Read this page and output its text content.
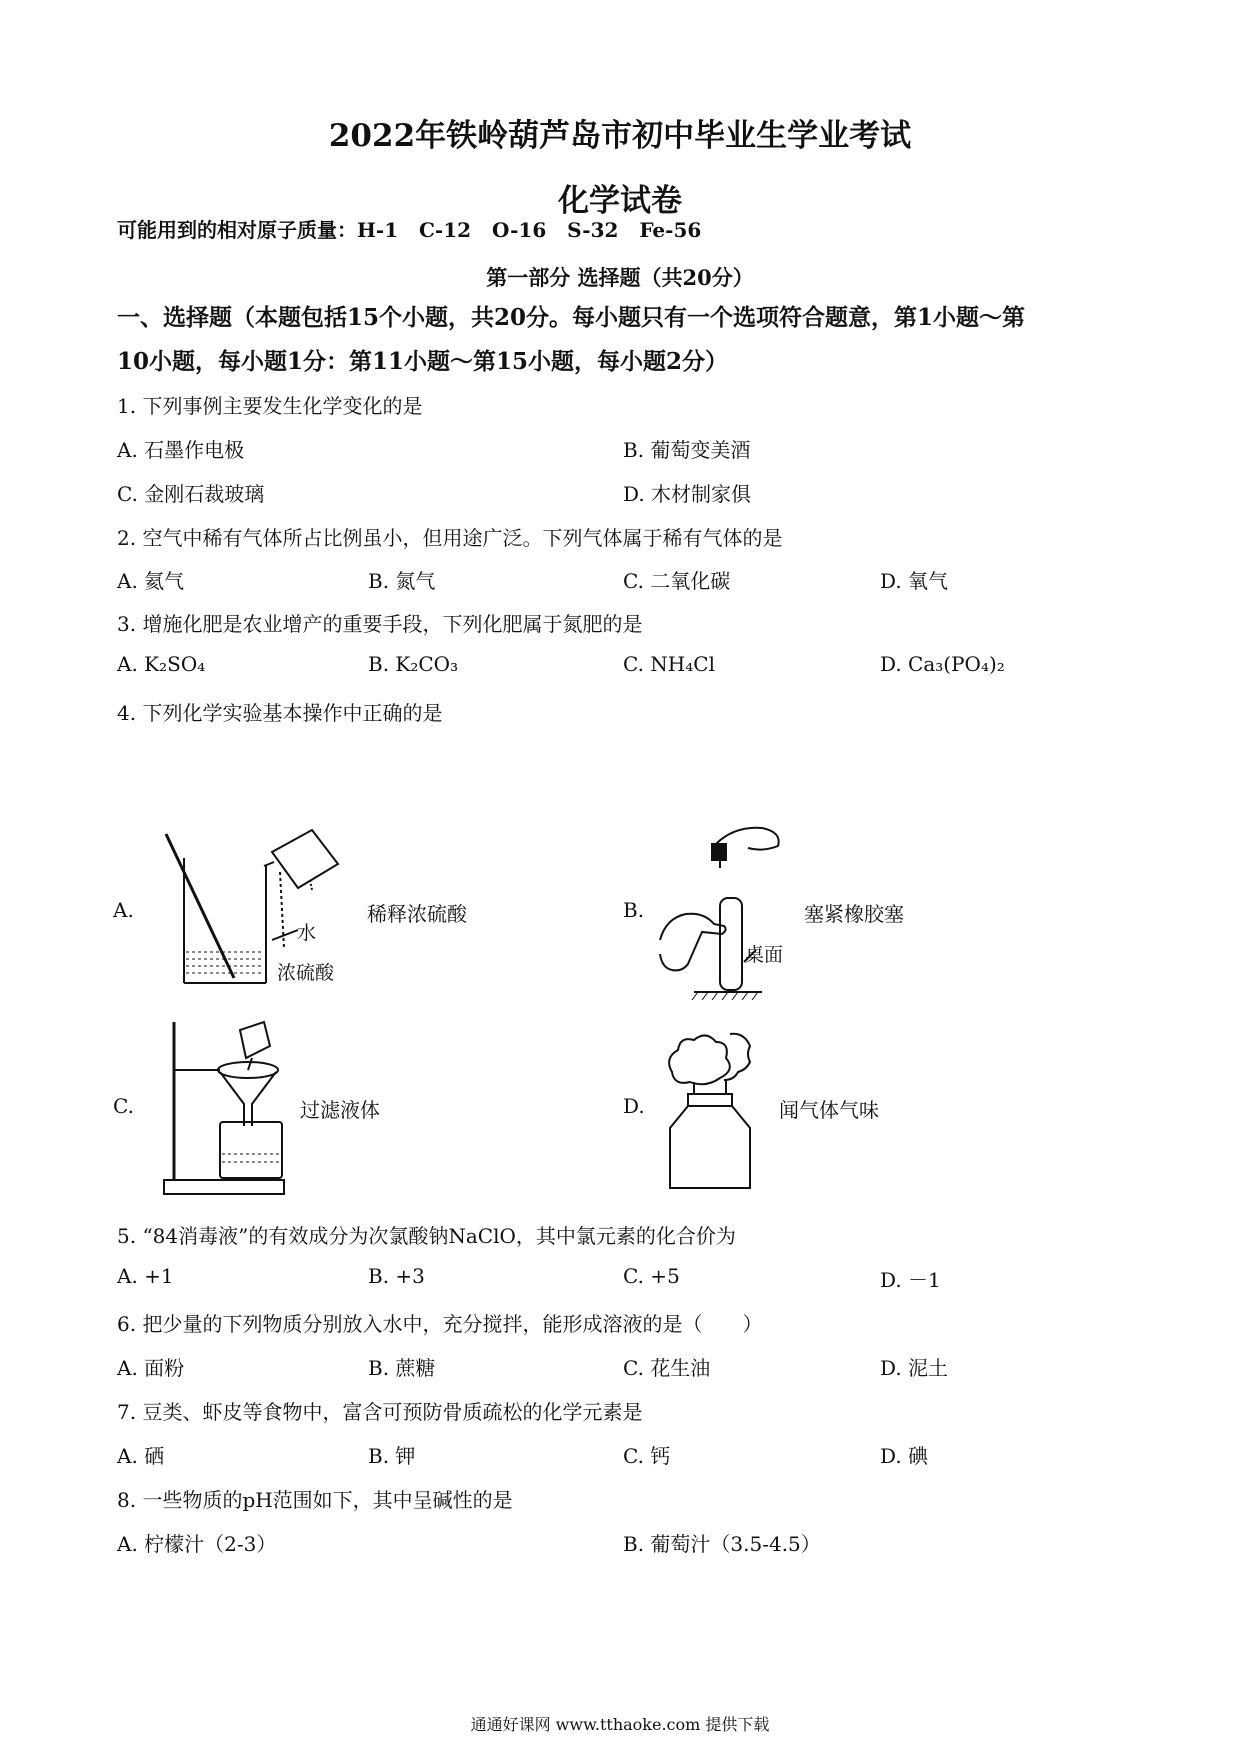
2022年铁岭葫芦岛市初中毕业生学业考试
化学试卷
可能用到的相对原子质量：H-1   C-12   O-16   S-32   Fe-56
第一部分 选择题（共20分）
一、选择题（本题包括15个小题，共20分。每小题只有一个选项符合题意，第1小题～第
10小题，每小题1分：第11小题～第15小题，每小题2分）
1. 下列事例主要发生化学变化的是
A. 石墨作电极	B. 葡萄变美酒
C. 金刚石裁玻璃	D. 木材制家俱
2. 空气中稀有气体所占比例虽小，但用途广泛。下列气体属于稀有气体的是
A. 氦气	B. 氮气	C. 二氧化碳	D. 氧气
3. 增施化肥是农业增产的重要手段，下列化肥属于氮肥的是
A. K₂SO₄	B. K₂CO₃	C. NH₄Cl	D. Ca₃(PO₄)₂
4. 下列化学实验基本操作中正确的是
A.
水
浓硫酸
稀释浓硫酸	B.
桌面
塞紧橡胶塞
C.	过滤液体	D.	闻气体气味
5. “84消毒液”的有效成分为次氯酸钠NaClO，其中氯元素的化合价为
A. +1	B. +3	C. +5	D. －1
6. 把少量的下列物质分别放入水中，充分搅拌，能形成溶液的是（　　）
A. 面粉	B. 蔗糖	C. 花生油	D. 泥土
7. 豆类、虾皮等食物中，富含可预防骨质疏松的化学元素是
A. 硒	B. 钾	C. 钙	D. 碘
8. 一些物质的pH范围如下，其中呈碱性的是
A. 柠檬汁（2-3）	B. 葡萄汁（3.5-4.5）
通通好课网 www.tthaoke.com 提供下载
